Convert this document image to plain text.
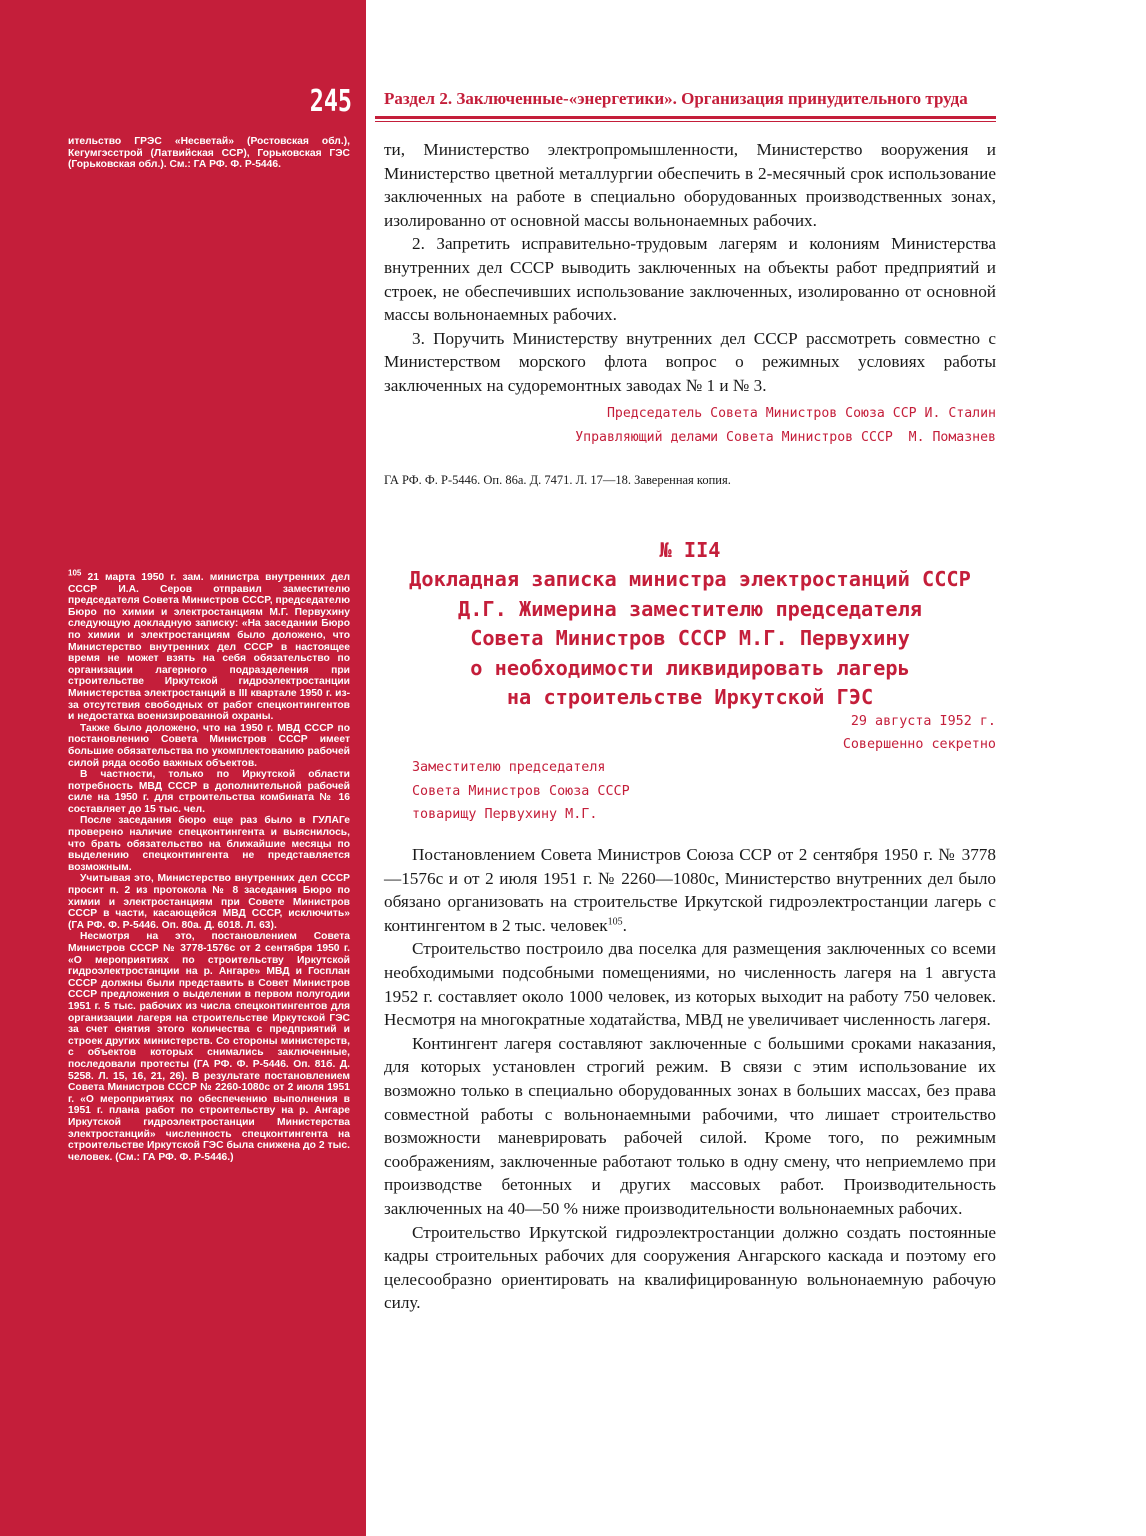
245

ительство ГРЭС «Несветай» (Ростовская обл.), Кегумгэсстрой (Латвийская ССР), Горьковская ГЭС (Горьковская обл.). См.: ГА РФ. Ф. Р-5446.

$^{105}$ 21 марта 1950 г. зам. министра внутренних дел СССР И.А. Серов отправил заместителю председателя Совета Министров СССР, председателю Бюро по химии и электростанциям М.Г. Первухину следующую докладную записку: «На заседании Бюро по химии и электростанциям было доложено, что Министерство внутренних дел СССР в настоящее время не может взять на себя обязательство по организации лагерного подразделения при строительстве Иркутской гидроэлектростанции Министерства электростанций в III квартале 1950 г. из-за отсутствия свободных от работ спецконтингентов и недостатка военизированной охраны.

Также было доложено, что на 1950 г. МВД СССР по постановлению Совета Министров СССР имеет большие обязательства по укомплектованию рабочей силой ряда особо важных объектов.

В частности, только по Иркутской области потребность МВД СССР в дополнительной рабочей силе на 1950 г. для строительства комбината № 16 составляет до 15 тыс. чел.

После заседания бюро еще раз было в ГУЛАГе проверено наличие спецконтингента и выяснилось, что брать обязательство на ближайшие месяцы по выделению спецконтингента не представляется возможным.

Учитывая это, Министерство внутренних дел СССР просит п. 2 из протокола № 8 заседания Бюро по химии и электростанциям при Совете Министров СССР в части, касающейся МВД СССР, исключить» (ГА РФ. Ф. Р-5446. Оп. 80а. Д. 6018. Л. 63).

Несмотря на это, постановлением Совета Министров СССР № 3778-1576с от 2 сентября 1950 г. «О мероприятиях по строительству Иркутской гидроэлектростанции на р. Ангаре» МВД и Госплан СССР должны были представить в Совет Министров СССР предложения о выделении в первом полугодии 1951 г. 5 тыс. рабочих из числа спецконтингентов для организации лагеря на строительстве Иркутской ГЭС за счет снятия этого количества с предприятий и строек других министерств. Со стороны министерств, с объектов которых снимались заключенные, последовали протесты (ГА РФ. Ф. Р-5446. Оп. 81б. Д. 5258. Л. 15, 16, 21, 26). В результате постановлением Совета Министров СССР № 2260-1080с от 2 июля 1951 г. «О мероприятиях по обеспечению выполнения в 1951 г. плана работ по строительству на р. Ангаре Иркутской гидроэлектростанции Министерства электростанций» численность спецконтингента на строительстве Иркутской ГЭС была снижена до 2 тыс. человек. (См.: ГА РФ. Ф. Р-5446.)

Раздел 2. Заключенные-«энергетики». Организация принудительного труда

ти, Министерство электропромышленности, Министерство вооружения и Министерство цветной металлургии обеспечить в 2-месячный срок использование заключенных на работе в специально оборудованных производственных зонах, изолированно от основной массы вольнонаемных рабочих.

2. Запретить исправительно-трудовым лагерям и колониям Министерства внутренних дел СССР выводить заключенных на объекты работ предприятий и строек, не обеспечивших использование заключенных, изолированно от основной массы вольнонаемных рабочих.

3. Поручить Министерству внутренних дел СССР рассмотреть совместно с Министерством морского флота вопрос о режимных условиях работы заключенных на судоремонтных заводах № 1 и № 3.

Председатель Совета Министров Союза ССР И. Сталин
Управляющий делами Совета Министров СССР  М. Помазнев

ГА РФ. Ф. Р-5446. Оп. 86а. Д. 7471. Л. 17—18. Заверенная копия.

№ II4
Докладная записка министра электростанций СССР
Д.Г. Жимерина заместителю председателя
Совета Министров СССР М.Г. Первухину
о необходимости ликвидировать лагерь
на строительстве Иркутской ГЭС
29 августа I952 г.
Совершенно секретно
Заместителю председателя
Совета Министров Союза СССР
товарищу Первухину М.Г.

Постановлением Совета Министров Союза ССР от 2 сентября 1950 г. № 3778—1576с и от 2 июля 1951 г. № 2260—1080с, Министерство внутренних дел было обязано организовать на строительстве Иркутской гидроэлектростанции лагерь с контингентом в 2 тыс. человек$^{105}$.

Строительство построило два поселка для размещения заключенных со всеми необходимыми подсобными помещениями, но численность лагеря на 1 августа 1952 г. составляет около 1000 человек, из которых выходит на работу 750 человек. Несмотря на многократные ходатайства, МВД не увеличивает численность лагеря.

Контингент лагеря составляют заключенные с большими сроками наказания, для которых установлен строгий режим. В связи с этим использование их возможно только в специально оборудованных зонах в больших массах, без права совместной работы с вольнонаемными рабочими, что лишает строительство возможности маневрировать рабочей силой. Кроме того, по режимным соображениям, заключенные работают только в одну смену, что неприемлемо при производстве бетонных и других массовых работ. Производительность заключенных на 40—50 % ниже производительности вольнонаемных рабочих.

Строительство Иркутской гидроэлектростанции должно создать постоянные кадры строительных рабочих для сооружения Ангарского каскада и поэтому его целесообразно ориентировать на квалифицированную вольнонаемную рабочую силу.
